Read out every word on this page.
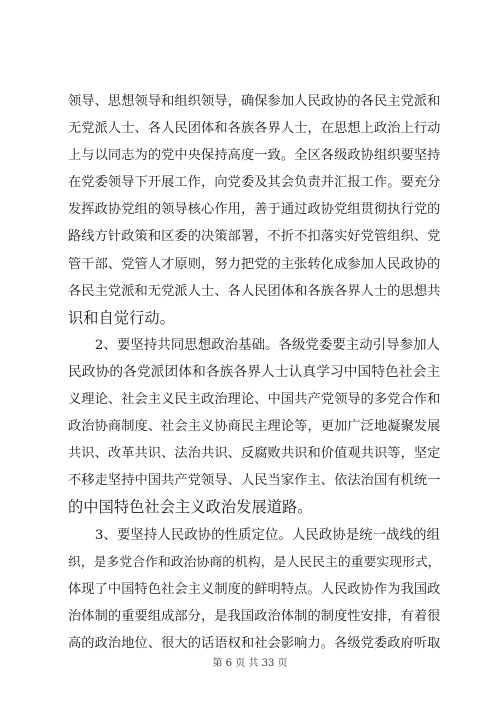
领导、思想领导和组织领导，确保参加人民政协的各民主党派和
无党派人士、各人民团体和各族各界人士，在思想上政治上行动
上与以同志为的党中央保持高度一致。全区各级政协组织要坚持
在党委领导下开展工作，向党委及其会负责并汇报工作。要充分
发挥政协党组的领导核心作用，善于通过政协党组贯彻执行党的
路线方针政策和区委的决策部署，不折不扣落实好党管组织、党
管干部、党管人才原则，努力把党的主张转化成参加人民政协的
各民主党派和无党派人士、各人民团体和各族各界人士的思想共
识和自觉行动。
　　2、要坚持共同思想政治基础。各级党委要主动引导参加人
民政协的各党派团体和各族各界人士认真学习中国特色社会主
义理论、社会主义民主政治理论、中国共产党领导的多党合作和
政治协商制度、社会主义协商民主理论等，更加广泛地凝聚发展
共识、改革共识、法治共识、反腐败共识和价值观共识等，坚定
不移走坚持中国共产党领导、人民当家作主、依法治国有机统一
的中国特色社会主义政治发展道路。
　　3、要坚持人民政协的性质定位。人民政协是统一战线的组
织，是多党合作和政治协商的机构，是人民民主的重要实现形式，
体现了中国特色社会主义制度的鲜明特点。人民政协作为我国政
治体制的重要组成部分，是我国政治体制的制度性安排，有着很
高的政治地位、很大的话语权和社会影响力。各级党委政府听取
第 6 页 共 33 页
